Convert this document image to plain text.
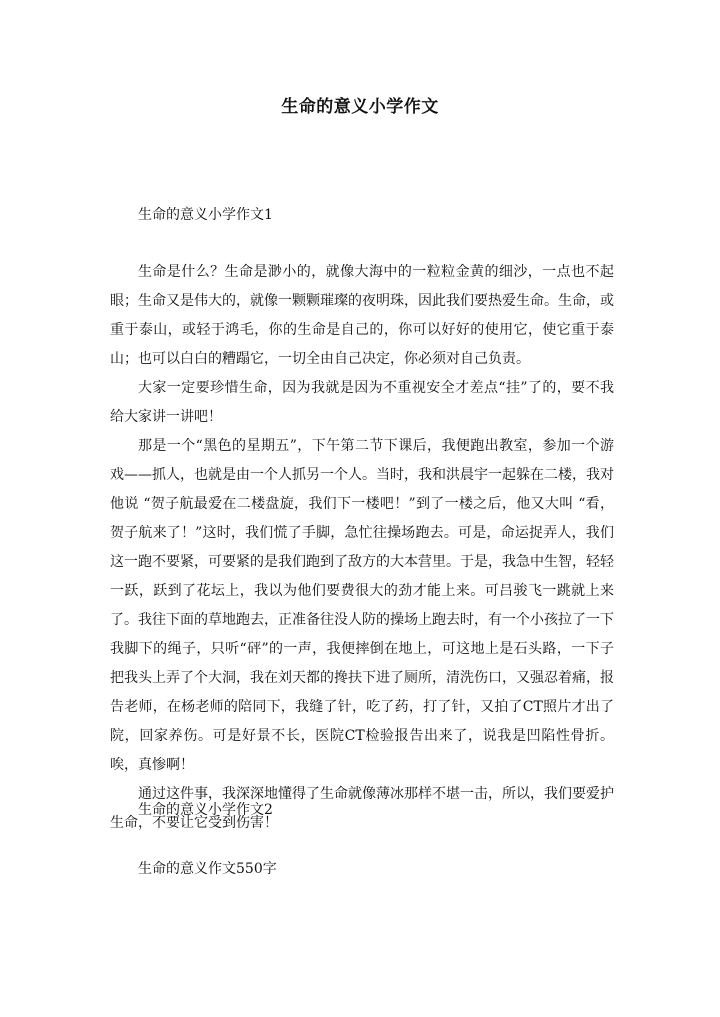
生命的意义小学作文
生命的意义小学作文1

生命是什么？生命是渺小的，就像大海中的一粒粒金黄的细沙，一点也不起眼；生命又是伟大的，就像一颗颗璀璨的夜明珠，因此我们要热爱生命。生命，或重于泰山，或轻于鸿毛，你的生命是自己的，你可以好好的使用它，使它重于泰山；也可以白白的糟蹋它，一切全由自己决定，你必须对自己负责。

大家一定要珍惜生命，因为我就是因为不重视安全才差点“挂”了的，要不我给大家讲一讲吧！

那是一个“黑色的星期五”，下午第二节下课后，我便跑出教室，参加一个游戏——抓人，也就是由一个人抓另一个人。当时，我和洪晨宇一起躲在二楼，我对他说 “贺子航最爱在二楼盘旋，我们下一楼吧！”到了一楼之后，他又大叫 “看，贺子航来了！”这时，我们慌了手脚，急忙往操场跑去。可是，命运捉弄人，我们这一跑不要紧，可要紧的是我们跑到了敌方的大本营里。于是，我急中生智，轻轻一跃，跃到了花坛上，我以为他们要费很大的劲才能上来。可吕骏飞一跳就上来了。我往下面的草地跑去，正准备往没人防的操场上跑去时，有一个小孩拉了一下我脚下的绳子，只听“砰”的一声，我便摔倒在地上，可这地上是石头路，一下子把我头上弄了个大洞，我在刘天都的搀扶下进了厕所，清洗伤口，又强忍着痛，报告老师，在杨老师的陪同下，我缝了针，吃了药，打了针，又拍了CT照片才出了院，回家养伤。可是好景不长，医院CT检验报告出来了，说我是凹陷性骨折。唉，真惨啊！

通过这件事，我深深地懂得了生命就像薄冰那样不堪一击，所以，我们要爱护生命，不要让它受到伤害！

生命的意义小学作文2
生命的意义作文550字
